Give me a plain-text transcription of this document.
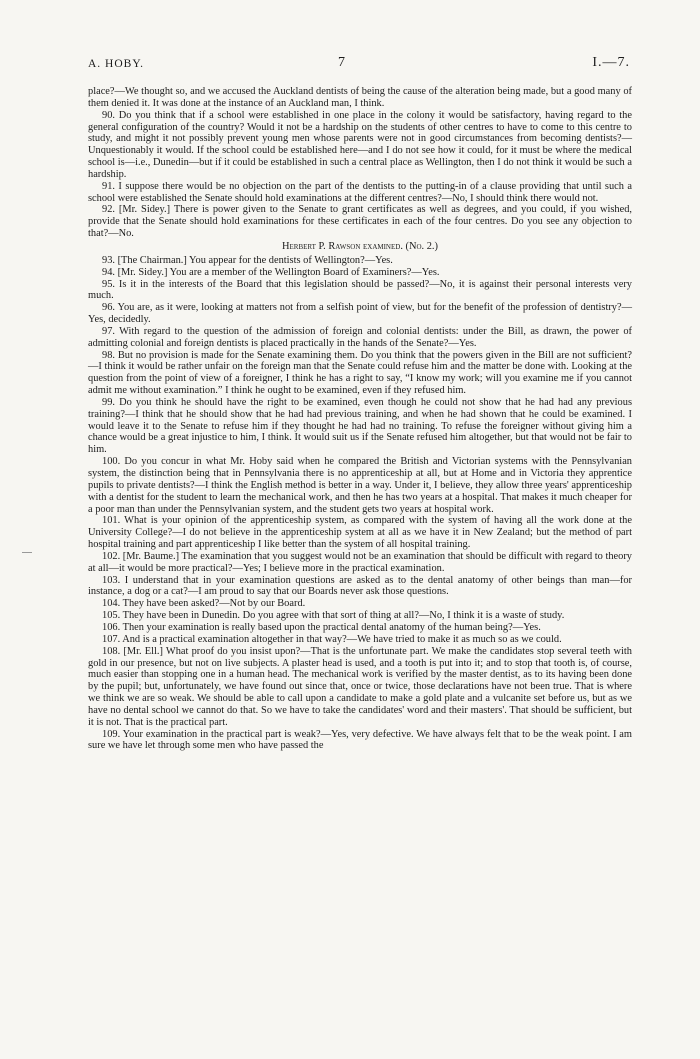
A. HOBY.	7	I.—7.

place?—We thought so, and we accused the Auckland dentists of being the cause of the alteration being made, but a good many of them denied it. It was done at the instance of an Auckland man, I think.

90. Do you think that if a school were established in one place in the colony it would be satisfactory, having regard to the general configuration of the country? Would it not be a hardship on the students of other centres to have to come to this centre to study, and might it not possibly prevent young men whose parents were not in good circumstances from becoming dentists?—Unquestionably it would. If the school could be established here—and I do not see how it could, for it must be where the medical school is—i.e., Dunedin—but if it could be established in such a central place as Wellington, then I do not think it would be such a hardship.

91. I suppose there would be no objection on the part of the dentists to the putting-in of a clause providing that until such a school were established the Senate should hold examinations at the different centres?—No, I should think there would not.

92. [Mr. Sidey.] There is power given to the Senate to grant certificates as well as degrees, and you could, if you wished, provide that the Senate should hold examinations for these certificates in each of the four centres. Do you see any objection to that?—No.

Herbert P. Rawson examined. (No. 2.)

93. [The Chairman.] You appear for the dentists of Wellington?—Yes.

94. [Mr. Sidey.] You are a member of the Wellington Board of Examiners?—Yes.

95. Is it in the interests of the Board that this legislation should be passed?—No, it is against their personal interests very much.

96. You are, as it were, looking at matters not from a selfish point of view, but for the benefit of the profession of dentistry?—Yes, decidedly.

97. With regard to the question of the admission of foreign and colonial dentists: under the Bill, as drawn, the power of admitting colonial and foreign dentists is placed practically in the hands of the Senate?—Yes.

98. But no provision is made for the Senate examining them. Do you think that the powers given in the Bill are not sufficient?—I think it would be rather unfair on the foreign man that the Senate could refuse him and the matter be done with. Looking at the question from the point of view of a foreigner, I think he has a right to say, “I know my work; will you examine me if you cannot admit me without examination.” I think he ought to be examined, even if they refused him.

99. Do you think he should have the right to be examined, even though he could not show that he had had any previous training?—I think that he should show that he had had previous training, and when he had shown that he could be examined. I would leave it to the Senate to refuse him if they thought he had had no training. To refuse the foreigner without giving him a chance would be a great injustice to him, I think. It would suit us if the Senate refused him altogether, but that would not be fair to him.

100. Do you concur in what Mr. Hoby said when he compared the British and Victorian systems with the Pennsylvanian system, the distinction being that in Pennsylvania there is no apprenticeship at all, but at Home and in Victoria they apprentice pupils to private dentists?—I think the English method is better in a way. Under it, I believe, they allow three years' apprenticeship with a dentist for the student to learn the mechanical work, and then he has two years at a hospital. That makes it much cheaper for a poor man than under the Pennsylvanian system, and the student gets two years at hospital work.

101. What is your opinion of the apprenticeship system, as compared with the system of having all the work done at the University College?—I do not believe in the apprenticeship system at all as we have it in New Zealand; but the method of part hospital training and part apprenticeship I like better than the system of all hospital training.

102. [Mr. Baume.] The examination that you suggest would not be an examination that should be difficult with regard to theory at all—it would be more practical?—Yes; I believe more in the practical examination.

103. I understand that in your examination questions are asked as to the dental anatomy of other beings than man—for instance, a dog or a cat?—I am proud to say that our Boards never ask those questions.

104. They have been asked?—Not by our Board.

105. They have been in Dunedin. Do you agree with that sort of thing at all?—No, I think it is a waste of study.

106. Then your examination is really based upon the practical dental anatomy of the human being?—Yes.

107. And is a practical examination altogether in that way?—We have tried to make it as much so as we could.

108. [Mr. Ell.] What proof do you insist upon?—That is the unfortunate part. We make the candidates stop several teeth with gold in our presence, but not on live subjects. A plaster head is used, and a tooth is put into it; and to stop that tooth is, of course, much easier than stopping one in a human head. The mechanical work is verified by the master dentist, as to its having been done by the pupil; but, unfortunately, we have found out since that, once or twice, those declarations have not been true. That is where we think we are so weak. We should be able to call upon a candidate to make a gold plate and a vulcanite set before us, but as we have no dental school we cannot do that. So we have to take the candidates' word and their masters'. That should be sufficient, but it is not. That is the practical part.

109. Your examination in the practical part is weak?—Yes, very defective. We have always felt that to be the weak point. I am sure we have let through some men who have passed the
